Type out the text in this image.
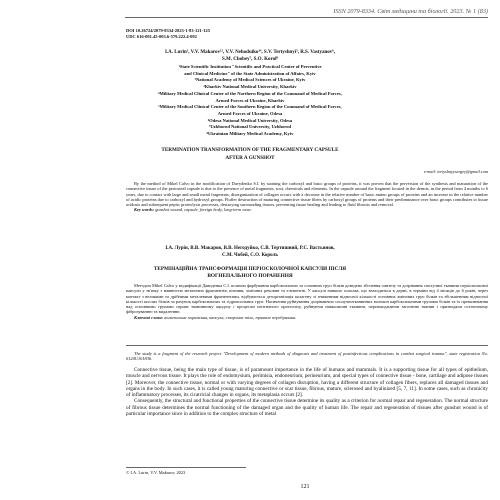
ISSN 2079-8334. Світ медицини та біології. 2023. № 1 (83)
DOI 10.26724/2079-8334-2023-1-83-121-125
UDC 616-001.45-003.6-579.222.4-092
I.A. Lurin¹, V.V. Makarov¹², V.V. Nehoduiko³⁴, S.V. Tertyshnyi⁵, R.S. Vastyanov⁶,
S.M. Chobey⁷, S.O. Korol⁸
¹State Scientific Institution "Scientific and Practical Center of Preventive
and Clinical Medicine" of the State Administration of Affairs, Kyiv
²National Academy of Medical Sciences of Ukraine, Kyiv
³Kharkiv National Medical University, Kharkiv
⁴Military Medical Clinical Center of the Northern Region of the Command of Medical Forces,
Armed Forces of Ukraine, Kharkiv
⁵Military Medical Clinical Center of the Southern Region of the Command of Medical Forces,
Armed Forces of Ukraine, Odesa
⁶Odesa National Medical University, Odesa
⁷Uzhhorod National University, Uzhhorod
⁸Ukrainian Military Medical Academy, Kyiv
TERMINATION TRANSFORMATION OF THE FRAGMENTARY CAPSULE
AFTER A GUNSHOT
e-mail: tertyshnyysergey@gmail.com

By the method of Mikel Calvo in the modification of Davydenko S.I. by staining the carboxyl and basic groups of proteins, it was proven that the perversion of the synthesis and maturation of the connective tissue of the periosteal capsule is due to the presence of metal fragments, soot, chemicals and elements. In the capsule around the fragment located in the dermis, in the period from 4 months to 6 years, due to contact with large and small metal fragments, disorganization of collagen occurs with a decrease in the relative number of basic amino groups of proteins and an increase in the relative number of acidic proteins due to carboxyl and hydroxyl groups. Fluffer destruction of maturing connective tissue fibers by carboxyl groups of proteins and their predominance over basic groups contributes to tissue acidosis and subsequent peptic proteolysis processes, destroying surrounding tissues, preventing tissue healing and leading to fluid fibrosis and removal.

Key words: gunshot wound, capsule, foreign body, long-term wear.

І.А. Лурін, В.В. Макаров, В.В. Негодуйко, С.В. Тертишний, Р.С. Вастьянов,
С.М. Чобей, С.О. Король
ТЕРМІНАЦІЙНА ТРАНСФОРМАЦІЯ ПЕРІОСКОЛОЧНОЇ КАПСУЛИ ПІСЛЯ
ВОГНЕПАЛЬНОГО ПОРАНЕННЯ

Методом Mikel Calvo у модифікації Давиденка С.І. шляхом фарбування карбоксильних та основних груп білків доведено збочення синтезу та дозрівання сполучної тканини періосколкової капсули у зв'язку з наявністю металевих фрагментів, кіптяви, хімічних речовин та елементів. У капсулі навколо осколка, що знаходиться в дермі, в терміни від 4 місяців до 6 років, через контакт з великими та дрібними металевими фрагментами, відбувається дезорганізація колагену зі зниженням відносної кількості основних амінових груп білків та збільшенням відносної кількості кислих білків за рахунок карбоксильних та гідроксильних груп. Насичення руйнування дозріваючих сполучнотканинних волокон карбоксильними групами білків та їх превалювання над основними групами сприяє тканинному ацидозу і процесам пептичного протеолізу, руйнуючи навколишні тканини, перешкоджаючи загоєнню тканин і призводячи остаточному фіброзуванню та видаленню.

Ключові слова: вогнепальне поранення, капсула, стороннє тіло, тривале перебування.

The study is a fragment of the research project "Development of modern methods of diagnosis and treatment of postinfectious complications in combat surgical trauma", state registration No. 0120U101836.

Connective tissue, being the main type of tissue, is of paramount importance in the life of humans and mammals. It is a supporting tissue for all types of epithelium, muscle and nervous tissue. It plays the role of endomysium, perimisia, endoneurium, perineurium, and special types of connective tissue - bone, cartilage and adipose tissues [2]. Moreover, the connective tissue, normal or with varying degrees of collagen disruption, having a different structure of collagen fibers, replaces all damaged tissues and organs in the body. In such cases, it is called young maturing connective or scar tissue, fibrous, mature, sclerosed and hyalinized [5, 7, 11]. In some cases, such as chronicity of inflammatory processes, its cicatricial changes in organs, its metaplasia occurs [2].

Consequently, the structural and functional properties of the connective tissue determine its quality as a criterion for normal repair and regeneration. The normal structure of fibrous tissue determines the normal functioning of the damaged organ and the quality of human life. The repair and regeneration of tissues after gunshot wound is of particular importance since in addition to the complex structure of metal

© I.A. Lurin, V.V. Makarov, 2023
121
